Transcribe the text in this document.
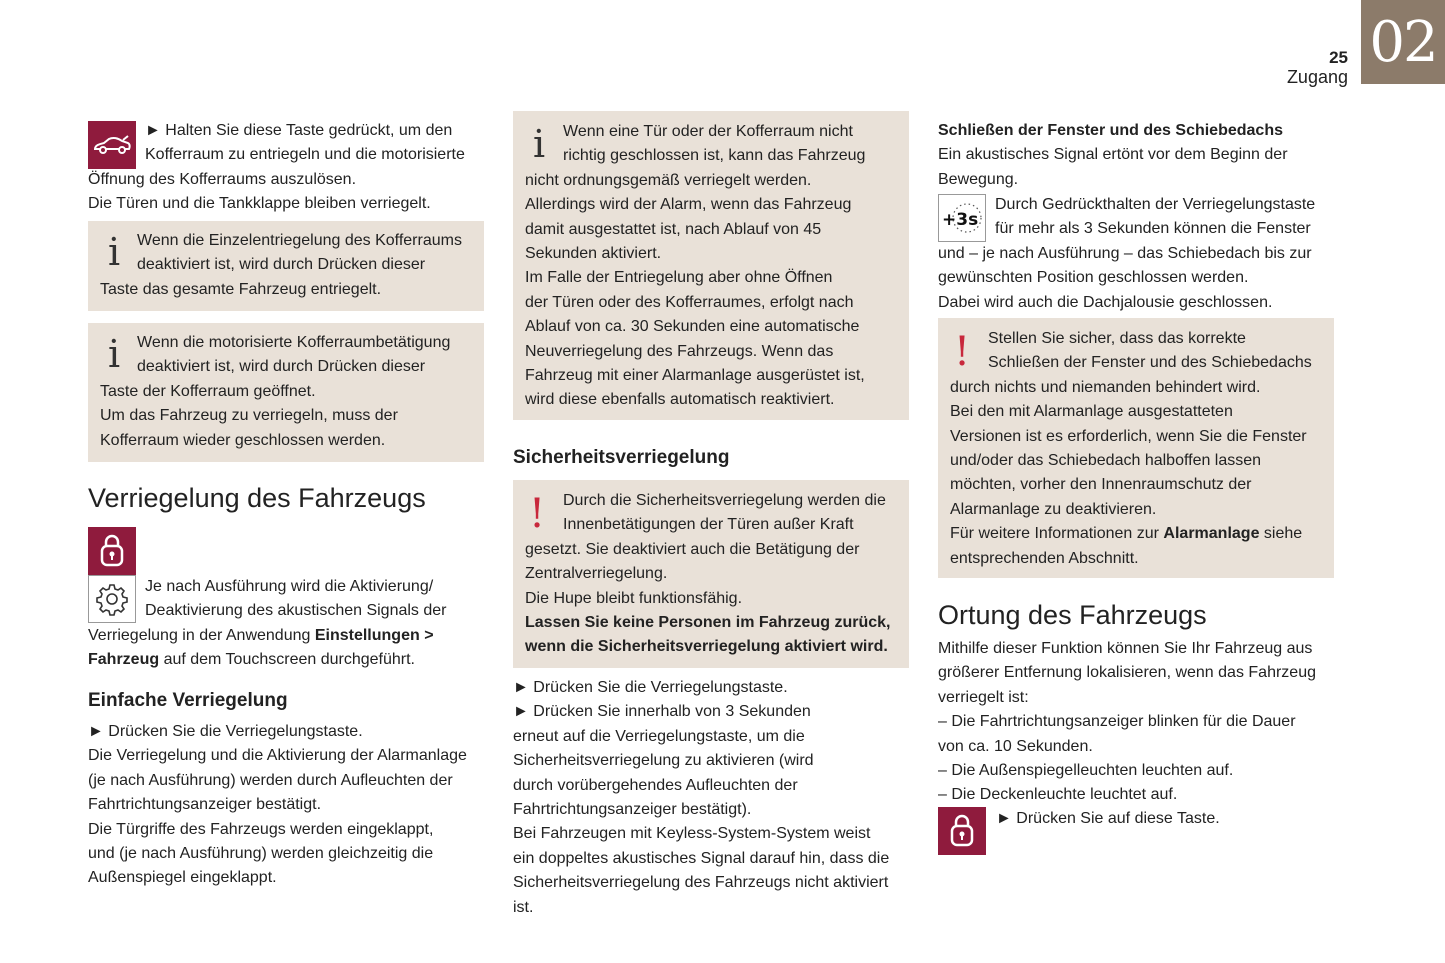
02
25
Zugang
i
i
i
!
!
+3s
► Halten Sie diese Taste gedrückt, um den
Kofferraum zu entriegeln und die motorisierte
Öffnung des Kofferraums auszulösen.
Die Türen und die Tankklappe bleiben verriegelt.
Wenn die Einzelentriegelung des Kofferraums
deaktiviert ist, wird durch Drücken dieser
Taste das gesamte Fahrzeug entriegelt.
Wenn die motorisierte Kofferraumbetätigung
deaktiviert ist, wird durch Drücken dieser
Taste der Kofferraum geöffnet.
Um das Fahrzeug zu verriegeln, muss der
Kofferraum wieder geschlossen werden.
Verriegelung des Fahrzeugs
Je nach Ausführung wird die Aktivierung/
Deaktivierung des akustischen Signals der
Verriegelung in der Anwendung Einstellungen >
Fahrzeug auf dem Touchscreen durchgeführt.
Einfache Verriegelung
► Drücken Sie die Verriegelungstaste.
Die Verriegelung und die Aktivierung der Alarmanlage
(je nach Ausführung) werden durch Aufleuchten der
Fahrtrichtungsanzeiger bestätigt.
Die Türgriffe des Fahrzeugs werden eingeklappt,
und (je nach Ausführung) werden gleichzeitig die
Außenspiegel eingeklappt.
Wenn eine Tür oder der Kofferraum nicht
richtig geschlossen ist, kann das Fahrzeug
nicht ordnungsgemäß verriegelt werden.
Allerdings wird der Alarm, wenn das Fahrzeug
damit ausgestattet ist, nach Ablauf von 45
Sekunden aktiviert.
Im Falle der Entriegelung aber ohne Öffnen
der Türen oder des Kofferraumes, erfolgt nach
Ablauf von ca. 30 Sekunden eine automatische
Neuverriegelung des Fahrzeugs. Wenn das
Fahrzeug mit einer Alarmanlage ausgerüstet ist,
wird diese ebenfalls automatisch reaktiviert.
Sicherheitsverriegelung
Durch die Sicherheitsverriegelung werden die
Innenbetätigungen der Türen außer Kraft
gesetzt. Sie deaktiviert auch die Betätigung der
Zentralverriegelung.
Die Hupe bleibt funktionsfähig.
Lassen Sie keine Personen im Fahrzeug zurück,
wenn die Sicherheitsverriegelung aktiviert wird.
► Drücken Sie die Verriegelungstaste.
► Drücken Sie innerhalb von 3 Sekunden
erneut auf die Verriegelungstaste, um die
Sicherheitsverriegelung zu aktivieren (wird
durch vorübergehendes Aufleuchten der
Fahrtrichtungsanzeiger bestätigt).
Bei Fahrzeugen mit Keyless-System-System weist
ein doppeltes akustisches Signal darauf hin, dass die
Sicherheitsverriegelung des Fahrzeugs nicht aktiviert
ist.
Schließen der Fenster und des Schiebedachs
Ein akustisches Signal ertönt vor dem Beginn der
Bewegung.
Durch Gedrückthalten der Verriegelungstaste
für mehr als 3 Sekunden können die Fenster
und – je nach Ausführung – das Schiebedach bis zur
gewünschten Position geschlossen werden.
Dabei wird auch die Dachjalousie geschlossen.
Stellen Sie sicher, dass das korrekte
Schließen der Fenster und des Schiebedachs
durch nichts und niemanden behindert wird.
Bei den mit Alarmanlage ausgestatteten
Versionen ist es erforderlich, wenn Sie die Fenster
und/oder das Schiebedach halboffen lassen
möchten, vorher den Innenraumschutz der
Alarmanlage zu deaktivieren.
Für weitere Informationen zur Alarmanlage siehe
entsprechenden Abschnitt.
Ortung des Fahrzeugs
Mithilfe dieser Funktion können Sie Ihr Fahrzeug aus
größerer Entfernung lokalisieren, wenn das Fahrzeug
verriegelt ist:
– Die Fahrtrichtungsanzeiger blinken für die Dauer
von ca. 10 Sekunden.
– Die Außenspiegelleuchten leuchten auf.
– Die Deckenleuchte leuchtet auf.
► Drücken Sie auf diese Taste.
